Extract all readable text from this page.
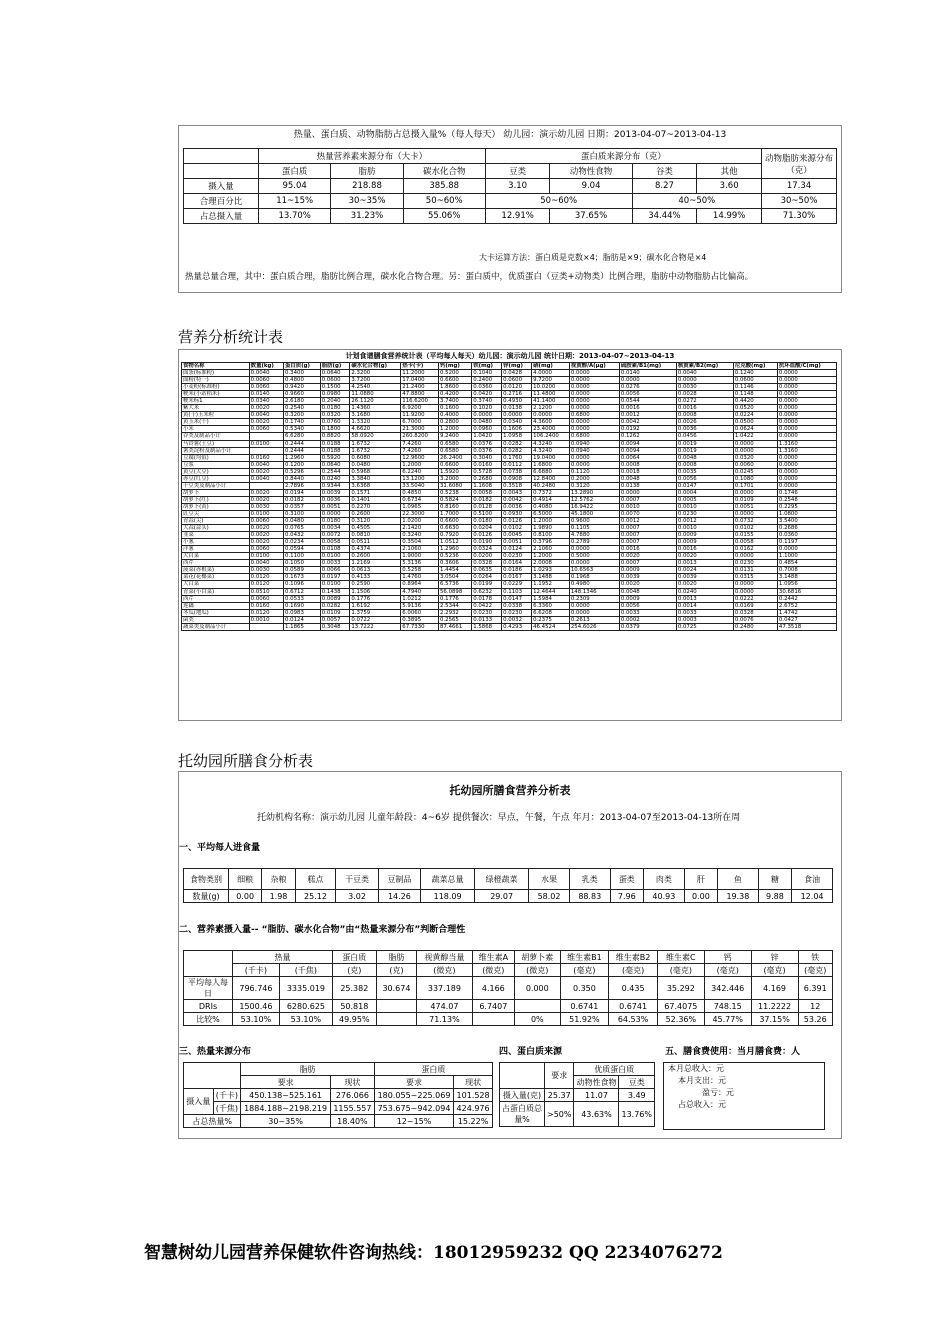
热量、蛋白质、动物脂肪占总摄入量%（每人每天） 幼儿园：演示幼儿园 日期：2013-04-07~2013-04-13
	热量营养素来源分布（大卡）			蛋白质来源分布（克）				动物脂肪来源分布（克）
	蛋白质	脂肪	碳水化合物	豆类	动物性食物	谷类	其他	
摄入量	95.04	218.88	385.88	3.10	9.04	8.27	3.60	17.34
合理百分比	11~15%	30~35%	50~60%	50~60%		40~50%		30~50%
占总摄入量	13.70%	31.23%	55.06%	12.91%	37.65%	34.44%	14.99%	71.30%
大卡运算方法：蛋白质是克数×4；脂肪是×9；碳水化合物是×4
热量总量合理，其中：蛋白质合理，脂肪比例合理，碳水化合物合理。另：蛋白质中，优质蛋白（豆类+动物类）比例合理，脂肪中动物脂肪占比偏高。
营养分析统计表
计划食谱膳食营养统计表（平均每人每天）幼儿园：演示幼儿园 统计日期：2013-04-07~2013-04-13
食物名称	数量(kg)	蛋白质(g)	脂肪(g)	碳水化合物(g)	热卡(卡)	钙(mg)	铁(mg)	锌(mg)	硒(mg)	视黄醇/A(μg)	硫胺素/B1(mg)	核黄素/B2(mg)	尼克酸(mg)	抗坏血酸/C(mg)
面条(标准粉)	0.0040	0.3400	0.0640	2.3200	11.2000	0.5200	0.1040	0.0428	4.0000	0.0000	0.0140	0.0040	0.1240	0.0000
面粉(特一)	0.0060	0.4800	0.0600	3.7200	17.0400	0.6600	0.2400	0.0600	9.7200	0.0000	0.0000	0.0000	0.0600	0.0000
小麦粉(标准粉)	0.0060	0.9420	0.1500	4.2540	21.2400	1.8600	0.0360	0.0120	10.0200	0.0000	0.0276	0.0030	0.1146	0.0000
粳米(小站稻米)	0.0140	0.9660	0.0980	11.0880	47.8800	0.4200	0.0420	0.2716	11.4800	0.0000	0.0056	0.0028	0.1148	0.0000
粳米标1	0.0340	2.6180	0.2040	26.1120	116.6200	3.7400	0.3740	0.4930	41.1400	0.0000	0.0544	0.0272	0.4420	0.0000
紫大米	0.0020	0.2540	0.0180	1.4360	6.9200	0.1600	0.1020	0.0138	2.1200	0.0000	0.0016	0.0016	0.0520	0.0000
黄(干)玉米粒	0.0040	0.3200	0.0320	3.1680	11.9200	0.4000	0.0000	0.0000	0.0000	0.6800	0.0012	0.0008	0.0224	0.0000
黄玉米(干)	0.0020	0.1740	0.0760	1.3320	6.7000	0.2800	0.0480	0.0340	4.3600	0.0000	0.0042	0.0026	0.0500	0.0000
小米	0.0060	0.5340	0.1800	4.6620	21.3000	1.2000	0.0960	0.1606	23.4000	0.0000	0.0192	0.0036	0.0624	0.0000
谷类及制品小计		6.6280	0.8820	58.0920	260.8200	9.2400	1.0420	1.0958	106.2400	0.6800	0.1262	0.0456	1.0422	0.0000
马铃薯(土豆)	0.0100	0.2444	0.0188	1.6732	7.4260	0.6580	0.0376	0.0282	4.3240	0.0940	0.0094	0.0019	0.0000	1.3160
薯类淀粉及制品小计		0.2444	0.0188	1.6732	7.4260	0.6580	0.0376	0.0282	4.3240	0.0940	0.0094	0.0019	0.0000	1.3160
豆腐(均值)	0.0160	1.2960	0.5920	0.6080	12.9600	26.2400	0.3040	0.1760	19.0400	0.0000	0.0064	0.0048	0.0320	0.0000
豆浆	0.0040	0.1200	0.0640	0.0480	1.2000	0.6600	0.0160	0.0112	1.6800	0.0000	0.0008	0.0008	0.0060	0.0000
黄豆(大豆)	0.0020	0.5296	0.2544	0.5968	6.2240	1.5920	0.5728	0.0738	6.6880	0.1120	0.0018	0.0035	0.0245	0.0000
赤豆(红豆)	0.0040	0.8440	0.0240	3.3840	13.1200	3.2000	0.2680	0.0908	12.8400	0.2000	0.0048	0.0056	0.1080	0.0000
干豆类及制品小计		2.7896	0.9344	3.6368	33.5040	31.6080	1.1608	0.3518	40.2480	0.3120	0.0138	0.0147	0.1701	0.0000
胡萝卜	0.0020	0.0194	0.0039	0.1571	0.4850	0.5238	0.0058	0.0043	0.7372	13.2890	0.0000	0.0004	0.0000	0.1746
胡萝卜(红)	0.0020	0.0182	0.0036	0.1401	0.6734	0.5824	0.0182	0.0042	0.4914	12.5762	0.0007	0.0005	0.0109	0.2548
胡萝卜(黄)	0.0030	0.0357	0.0051	0.2270	1.0965	0.8160	0.0128	0.0036	0.4080	16.9422	0.0010	0.0010	0.0051	0.2295
豇豆尖	0.0100	0.3100	0.0000	0.2600	22.3000	1.7000	0.5100	0.0930	6.5000	45.1800	0.0070	0.0230	0.0000	1.0800
青蒜(尖)	0.0060	0.0480	0.0180	0.3120	1.0200	0.6600	0.0180	0.0126	1.2000	0.9600	0.0012	0.0012	0.0732	3.5400
大蒜(蒜头)	0.0020	0.0765	0.0034	0.4505	2.1420	0.6630	0.0204	0.0102	1.9890	0.1105	0.0007	0.0010	0.0102	0.2686
韭菜	0.0020	0.0432	0.0072	0.0810	0.3240	0.7920	0.0126	0.0045	0.8100	4.7880	0.0007	0.0009	0.0155	0.0360
小葱	0.0020	0.0234	0.0058	0.0511	0.3504	1.0512	0.0190	0.0051	0.3796	0.2789	0.0007	0.0009	0.0058	0.1197
洋葱	0.0060	0.0594	0.0108	0.4374	2.1060	1.2960	0.0324	0.0124	2.1060	0.0000	0.0016	0.0016	0.0162	0.0000
大白菜	0.0100	0.1100	0.0100	0.2600	1.9000	0.5236	0.0200	0.0230	1.2000	0.5000	0.0020	0.0020	0.0000	1.1000
西芹	0.0040	0.1050	0.0033	1.2169	5.3136	0.3606	0.0328	0.0164	2.0008	0.0000	0.0007	0.0013	0.0230	0.4854
菠菜(赤根菜)	0.0030	0.0589	0.0066	0.0613	0.5258	1.4454	0.0635	0.0186	1.0293	10.6563	0.0009	0.0024	0.0131	0.7008
菜花(花椰菜)	0.0120	0.1673	0.0197	0.4133	1.4760	3.0504	0.0264	0.0167	3.1488	0.1968	0.0039	0.0039	0.0315	3.1488
大白菜	0.0120	0.1096	0.0100	0.2590	0.8964	6.5736	0.0199	0.0229	1.1952	0.4980	0.0020	0.0020	0.0000	1.0956
青菜(小白菜)	0.0510	0.6712	0.1438	1.1506	4.7940	56.0898	0.6232	0.1103	12.4644	148.1346	0.0048	0.0240	0.0000	30.6816
西芹	0.0060	0.0533	0.0089	0.1776	1.0212	0.1776	0.0178	0.0147	1.5984	0.2309	0.0009	0.0013	0.0222	0.2442
莲藕	0.0160	0.1690	0.0282	1.6192	5.9136	2.5344	0.0422	0.0338	6.3360	0.0000	0.0056	0.0014	0.0169	2.6752
冬瓜(地瓜)	0.0120	0.0983	0.0109	1.3759	6.0060	2.2932	0.0230	0.0230	6.6208	0.0000	0.0033	0.0033	0.0328	1.4742
菌类	0.0010	0.0124	0.0057	0.0722	0.3895	0.2565	0.0133	0.0032	0.2375	0.2613	0.0002	0.0003	0.0076	0.0427
蔬菜类及制品小计		1.1865	0.3048	13.7222	67.7330	87.4661	1.5868	0.4293	46.4524	254.6026	0.0379	0.0725	0.2480	47.3518
托幼园所膳食分析表
托幼园所膳食营养分析表
托幼机构名称：演示幼儿园 儿童年龄段：4~6岁 提供餐次：早点，午餐，午点 年月：2013-04-07至2013-04-13所在周
一、平均每人进食量
食物类别	细粮	杂粮	糕点	干豆类	豆制品	蔬菜总量	绿橙蔬菜	水果	乳类	蛋类	肉类	肝	鱼	糖	食油
数量(g)	0.00	1.98	25.12	3.02	14.26	118.09	29.07	58.02	88.83	7.96	40.93	0.00	19.38	9.88	12.04
二、营养素摄入量-- “脂肪、碳水化合物”由“热量来源分布”判断合理性
	热量		蛋白质	脂肪	视黄醇当量	维生素A	胡萝卜素	维生素B1	维生素B2	维生素C	钙	锌	铁
	(千卡)	(千焦)	(克)	(克)	(微克)	(微克)	(微克)	(毫克)	(毫克)	(毫克)	(毫克)	(毫克)	(毫克)
平均每人每日	796.746	3335.019	25.382	30.674	337.189	4.166	0.000	0.350	0.435	35.292	342.446	4.169	6.391
DRIs	1500.46	6280.625	50.818		474.07	6.7407		0.6741	0.6741	67.4075	748.15	11.2222	12
比较%	53.10%	53.10%	49.95%		71.13%		0%	51.92%	64.53%	52.36%	45.77%	37.15%	53.26
三、热量来源分布
		脂肪		蛋白质	
		要求	现状	要求	现状
摄入量	(千卡)	450.138~525.161	276.066	180.055~225.069	101.528
	(千焦)	1884.188~2198.219	1155.557	753.675~942.094	424.976
占总热量%		30~35%	18.40%	12~15%	15.22%
四、蛋白质来源
	要求	优质蛋白质	
		动物性食物	豆类
摄入量(克)	25.37	11.07	3.49
占蛋白质总量%	>50%	43.63%	13.76%
五、膳食费使用：当月膳食费：人
本月总收入：元
本月支出：元
盈亏：元
占总收入：元
智慧树幼儿园营养保健软件咨询热线：18012959232 QQ 2234076272
